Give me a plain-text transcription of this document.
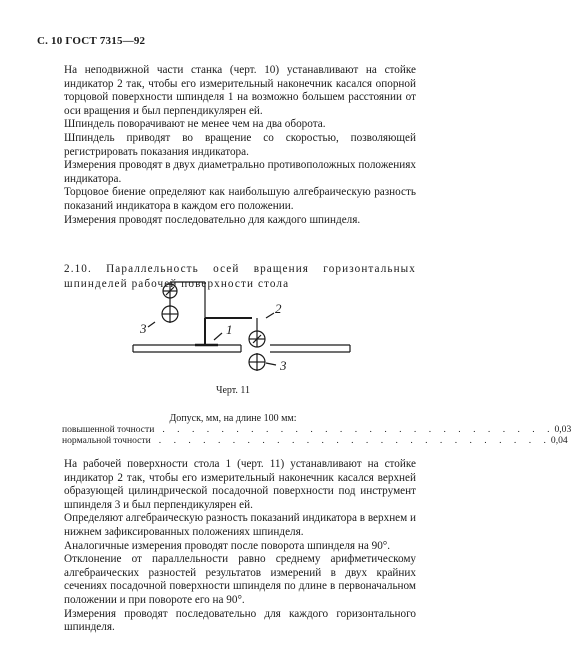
С. 10 ГОСТ 7315—92

На неподвижной части станка (черт. 10) устанавливают на стойке индикатор 2 так, чтобы его измерительный наконечник касался опорной торцовой поверхности шпинделя 1 на возможно большем расстоянии от оси вращения и был перпендикулярен ей.

Шпиндель поворачивают не менее чем на два оборота.

Шпиндель приводят во вращение со скоростью, позволяющей регистрировать показания индикатора.

Измерения проводят в двух диаметрально противоположных положениях индикатора.

Торцовое биение определяют как наибольшую алгебраическую разность показаний индикатора в каждом его положении.

Измерения проводят последовательно для каждого шпинделя.

2.10. Параллельность осей вращения горизонтальных шпинделей рабочей поверхности стола
3
2
1
3
Черт. 11
Допуск, мм, на длине 100 мм:
повышенной точности . . . . . . . . . . . . . . . . . . . . . . . . . . . 0,03
нормальной точности . . . . . . . . . . . . . . . . . . . . . . . . . . . 0,04

На рабочей поверхности стола 1 (черт. 11) устанавливают на стойке индикатор 2 так, чтобы его измерительный наконечник касался верхней образующей цилиндрической посадочной поверхности под инструмент шпинделя 3 и был перпендикулярен ей.

Определяют алгебраическую разность показаний индикатора в верхнем и нижнем зафиксированных положениях шпинделя.

Аналогичные измерения проводят после поворота шпинделя на 90°.

Отклонение от параллельности равно среднему арифметическому алгебраических разностей результатов измерений в двух крайних сечениях посадочной поверхности шпинделя по длине в первоначальном положении и при повороте его на 90°.

Измерения проводят последовательно для каждого горизонтального шпинделя.
